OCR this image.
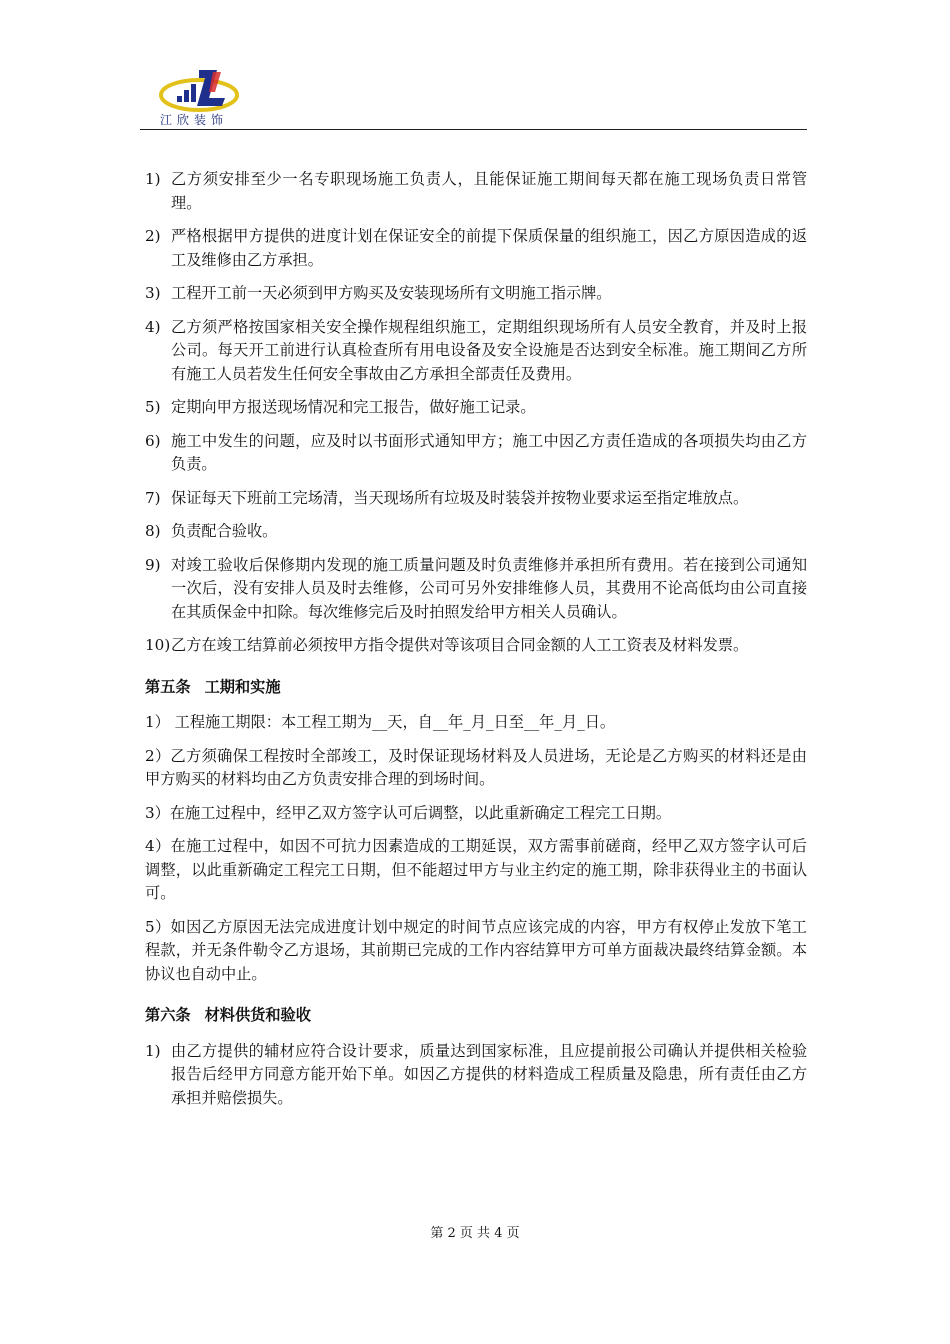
江欣装饰
1) 乙方须安排至少一名专职现场施工负责人，且能保证施工期间每天都在施工现场负责日常管理。
2) 严格根据甲方提供的进度计划在保证安全的前提下保质保量的组织施工，因乙方原因造成的返工及维修由乙方承担。
3) 工程开工前一天必须到甲方购买及安装现场所有文明施工指示牌。
4) 乙方须严格按国家相关安全操作规程组织施工，定期组织现场所有人员安全教育，并及时上报公司。每天开工前进行认真检查所有用电设备及安全设施是否达到安全标准。施工期间乙方所有施工人员若发生任何安全事故由乙方承担全部责任及费用。
5) 定期向甲方报送现场情况和完工报告，做好施工记录。
6) 施工中发生的问题，应及时以书面形式通知甲方；施工中因乙方责任造成的各项损失均由乙方负责。
7) 保证每天下班前工完场清，当天现场所有垃圾及时装袋并按物业要求运至指定堆放点。
8) 负责配合验收。
9) 对竣工验收后保修期内发现的施工质量问题及时负责维修并承担所有费用。若在接到公司通知一次后，没有安排人员及时去维修，公司可另外安排维修人员，其费用不论高低均由公司直接在其质保金中扣除。每次维修完后及时拍照发给甲方相关人员确认。
10) 乙方在竣工结算前必须按甲方指令提供对等该项目合同金额的人工工资表及材料发票。
第五条 工期和实施
1） 工程施工期限：本工程工期为__天，自__年_月_日至__年_月_日。
2）乙方须确保工程按时全部竣工，及时保证现场材料及人员进场，无论是乙方购买的材料还是由甲方购买的材料均由乙方负责安排合理的到场时间。
3）在施工过程中，经甲乙双方签字认可后调整，以此重新确定工程完工日期。
4）在施工过程中，如因不可抗力因素造成的工期延误，双方需事前磋商，经甲乙双方签字认可后调整，以此重新确定工程完工日期，但不能超过甲方与业主约定的施工期，除非获得业主的书面认可。
5）如因乙方原因无法完成进度计划中规定的时间节点应该完成的内容，甲方有权停止发放下笔工程款，并无条件勒令乙方退场，其前期已完成的工作内容结算甲方可单方面裁决最终结算金额。本协议也自动中止。
第六条 材料供货和验收
1) 由乙方提供的辅材应符合设计要求，质量达到国家标准，且应提前报公司确认并提供相关检验报告后经甲方同意方能开始下单。如因乙方提供的材料造成工程质量及隐患，所有责任由乙方承担并赔偿损失。
第 2 页 共 4 页
